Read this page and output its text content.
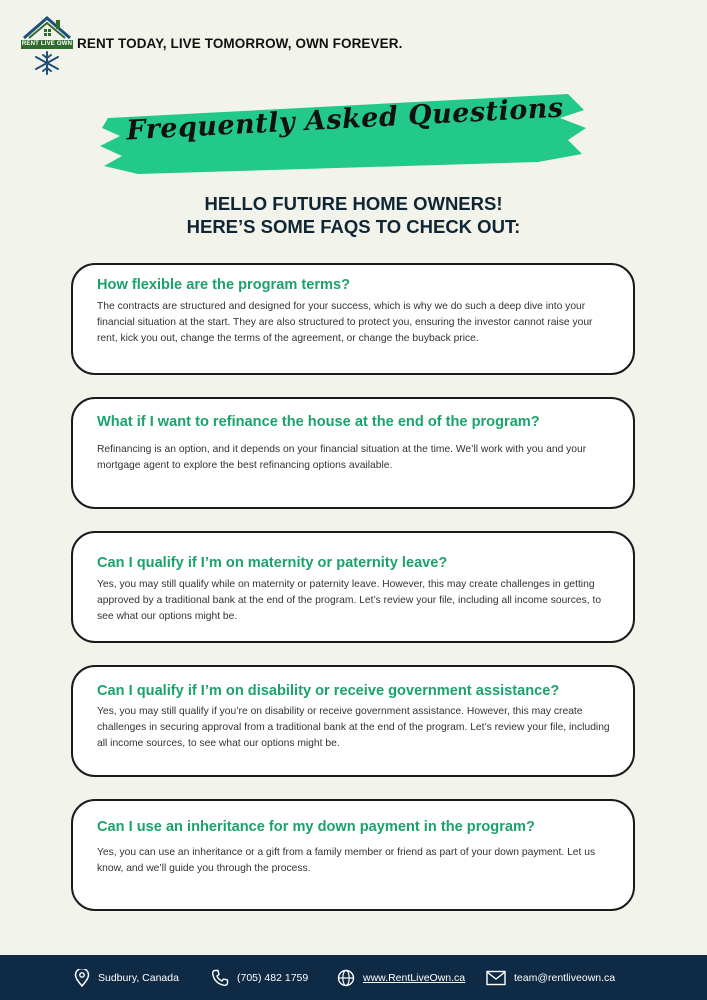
RENT LIVE OWN RENT TODAY, LIVE TOMORROW, OWN FOREVER.
Frequently Asked Questions
HELLO FUTURE HOME OWNERS!
HERE’S SOME FAQS TO CHECK OUT:
How flexible are the program terms?

The contracts are structured and designed for your success, which is why we do such a deep dive into your financial situation at the start. They are also structured to protect you, ensuring the investor cannot raise your rent, kick you out, change the terms of the agreement, or change the buyback price.

What if I want to refinance the house at the end of the program?

Refinancing is an option, and it depends on your financial situation at the time. We’ll work with you and your mortgage agent to explore the best refinancing options available.

Can I qualify if I’m on maternity or paternity leave?

Yes, you may still qualify while on maternity or paternity leave. However, this may create challenges in getting approved by a traditional bank at the end of the program. Let’s review your file, including all income sources, to see what our options might be.

Can I qualify if I’m on disability or receive government assistance?

Yes, you may still qualify if you’re on disability or receive government assistance. However, this may create challenges in securing approval from a traditional bank at the end of the program. Let’s review your file, including all income sources, to see what our options might be.

Can I use an inheritance for my down payment in the program?

Yes, you can use an inheritance or a gift from a family member or friend as part of your down payment. Let us know, and we’ll guide you through the process.

Sudbury, Canada	(705) 482 1759	www.RentLiveOwn.ca	team@rentliveown.ca
